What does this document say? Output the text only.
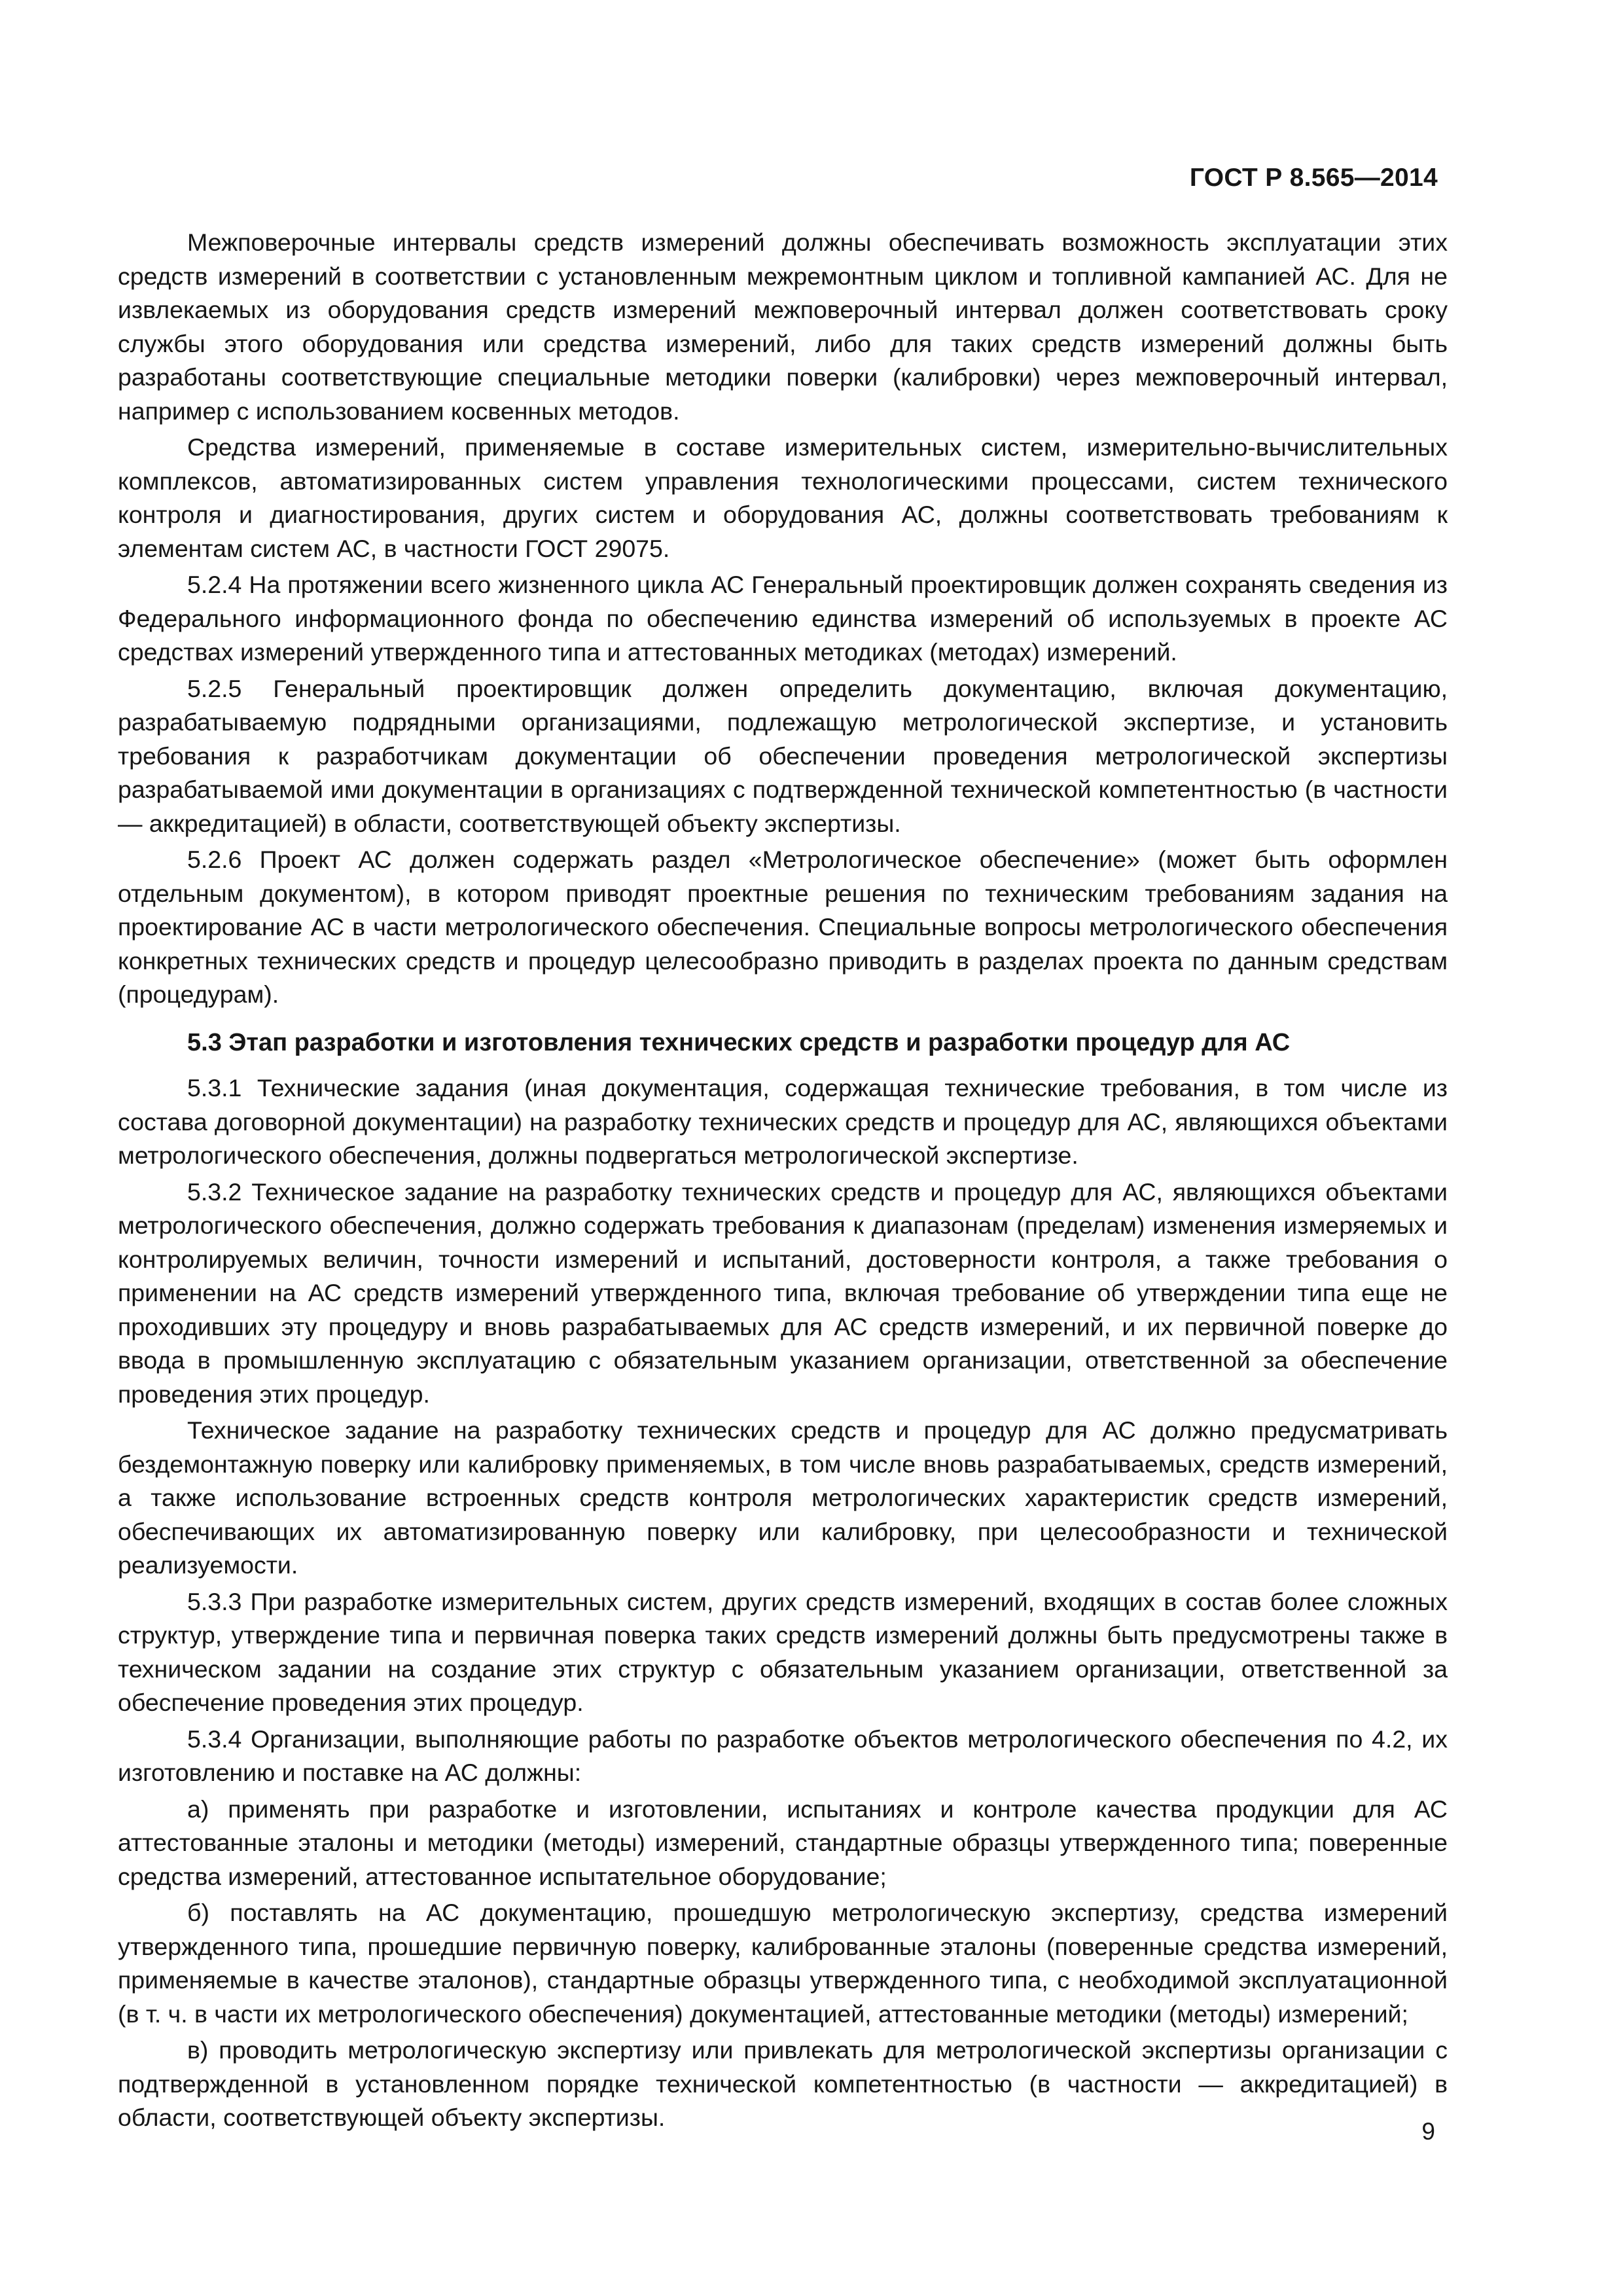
ГОСТ Р 8.565—2014

Межповерочные интервалы средств измерений должны обеспечивать возможность эксплуатации этих средств измерений в соответствии с установленным межремонтным циклом и топливной кампанией АС. Для не извлекаемых из оборудования средств измерений межповерочный интервал должен соответствовать сроку службы этого оборудования или средства измерений, либо для таких средств измерений должны быть разработаны соответствующие специальные методики поверки (калибровки) через межповерочный интервал, например с использованием косвенных методов.

Средства измерений, применяемые в составе измерительных систем, измерительно-вычислительных комплексов, автоматизированных систем управления технологическими процессами, систем технического контроля и диагностирования, других систем и оборудования АС, должны соответствовать требованиям к элементам систем АС, в частности ГОСТ 29075.

5.2.4 На протяжении всего жизненного цикла АС Генеральный проектировщик должен сохранять сведения из Федерального информационного фонда по обеспечению единства измерений об используемых в проекте АС средствах измерений утвержденного типа и аттестованных методиках (методах) измерений.

5.2.5 Генеральный проектировщик должен определить документацию, включая документацию, разрабатываемую подрядными организациями, подлежащую метрологической экспертизе, и установить требования к разработчикам документации об обеспечении проведения метрологической экспертизы разрабатываемой ими документации в организациях с подтвержденной технической компетентностью (в частности — аккредитацией) в области, соответствующей объекту экспертизы.

5.2.6 Проект АС должен содержать раздел «Метрологическое обеспечение» (может быть оформлен отдельным документом), в котором приводят проектные решения по техническим требованиям задания на проектирование АС в части метрологического обеспечения. Специальные вопросы метрологического обеспечения конкретных технических средств и процедур целесообразно приводить в разделах проекта по данным средствам (процедурам).

5.3 Этап разработки и изготовления технических средств и разработки процедур для АС

5.3.1 Технические задания (иная документация, содержащая технические требования, в том числе из состава договорной документации) на разработку технических средств и процедур для АС, являющихся объектами метрологического обеспечения, должны подвергаться метрологической экспертизе.

5.3.2 Техническое задание на разработку технических средств и процедур для АС, являющихся объектами метрологического обеспечения, должно содержать требования к диапазонам (пределам) изменения измеряемых и контролируемых величин, точности измерений и испытаний, достоверности контроля, а также требования о применении на АС средств измерений утвержденного типа, включая требование об утверждении типа еще не проходивших эту процедуру и вновь разрабатываемых для АС средств измерений, и их первичной поверке до ввода в промышленную эксплуатацию с обязательным указанием организации, ответственной за обеспечение проведения этих процедур.

Техническое задание на разработку технических средств и процедур для АС должно предусматривать бездемонтажную поверку или калибровку применяемых, в том числе вновь разрабатываемых, средств измерений, а также использование встроенных средств контроля метрологических характеристик средств измерений, обеспечивающих их автоматизированную поверку или калибровку, при целесообразности и технической реализуемости.

5.3.3 При разработке измерительных систем, других средств измерений, входящих в состав более сложных структур, утверждение типа и первичная поверка таких средств измерений должны быть предусмотрены также в техническом задании на создание этих структур с обязательным указанием организации, ответственной за обеспечение проведения этих процедур.

5.3.4 Организации, выполняющие работы по разработке объектов метрологического обеспечения по 4.2, их изготовлению и поставке на АС должны:

а) применять при разработке и изготовлении, испытаниях и контроле качества продукции для АС аттестованные эталоны и методики (методы) измерений, стандартные образцы утвержденного типа; поверенные средства измерений, аттестованное испытательное оборудование;

б) поставлять на АС документацию, прошедшую метрологическую экспертизу, средства измерений утвержденного типа, прошедшие первичную поверку, калиброванные эталоны (поверенные средства измерений, применяемые в качестве эталонов), стандартные образцы утвержденного типа, с необходимой эксплуатационной (в т. ч. в части их метрологического обеспечения) документацией, аттестованные методики (методы) измерений;

в) проводить метрологическую экспертизу или привлекать для метрологической экспертизы организации с подтвержденной в установленном порядке технической компетентностью (в частности — аккредитацией) в области, соответствующей объекту экспертизы.

9
